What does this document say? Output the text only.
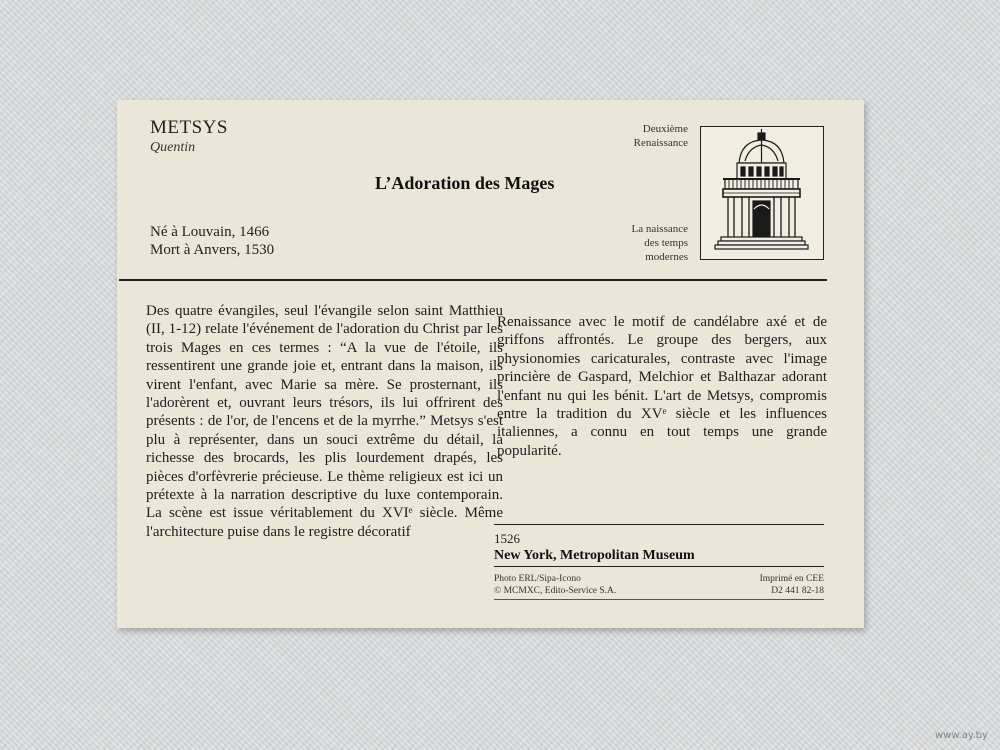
METSYS
Quentin
L’Adoration des Mages
Né à Louvain, 1466
Mort à Anvers, 1530
Deuxième
Renaissance
La naissance
des temps
modernes

Des quatre évangiles, seul l'évangile selon saint Matthieu (II, 1-12) relate l'événement de l'adoration du Christ par les trois Mages en ces termes : “A la vue de l'étoile, ils ressentirent une grande joie et, entrant dans la maison, ils virent l'enfant, avec Marie sa mère. Se prosternant, ils l'adorèrent et, ouvrant leurs trésors, ils lui offrirent des présents : de l'or, de l'encens et de la myrrhe.” Metsys s'est plu à représenter, dans un souci extrême du détail, la richesse des brocards, les plis lourdement drapés, les pièces d'orfèvrerie précieuse. Le thème religieux est ici un prétexte à la narration descriptive du luxe contemporain. La scène est issue véritablement du XVIᵉ siècle. Même l'architecture puise dans le registre décoratif

Renaissance avec le motif de candélabre axé et de griffons affrontés. Le groupe des bergers, aux physionomies caricaturales, contraste avec l'image princière de Gaspard, Melchior et Balthazar adorant l'enfant nu qui les bénit. L'art de Metsys, compromis entre la tradition du XVᵉ siècle et les influences italiennes, a connu en tout temps une grande popularité.

1526
New York, Metropolitan Museum
Photo ERL/Sipa-Icono
© MCMXC, Edito-Service S.A.
Imprimé en CEE
D2 441 82-18
www.ay.by
